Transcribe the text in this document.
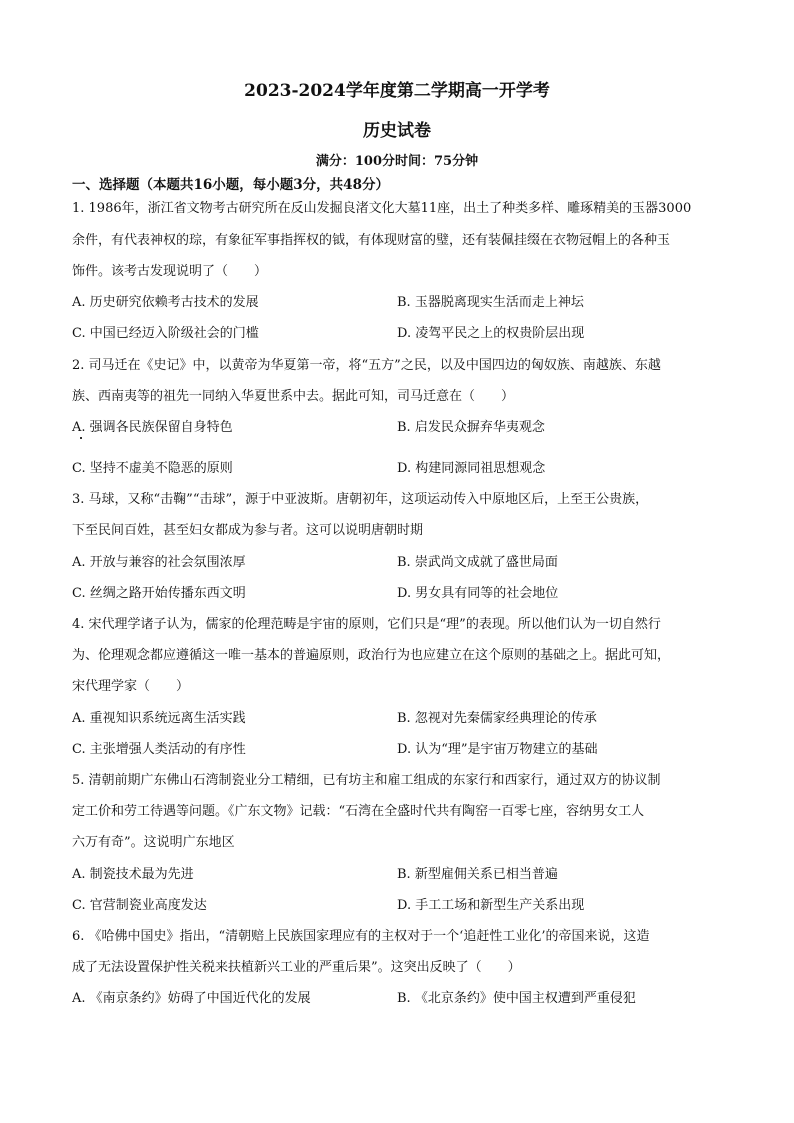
2023-2024学年度第二学期高一开学考
历史试卷
满分：100分时间：75分钟
一、选择题（本题共16小题，每小题3分，共48分）
1. 1986年，浙江省文物考古研究所在反山发掘良渚文化大墓11座，出土了种类多样、雕琢精美的玉器3000
余件，有代表神权的琮，有象征军事指挥权的钺，有体现财富的璧，还有装佩挂缀在衣物冠帽上的各种玉
饰件。该考古发现说明了（　　）
A. 历史研究依赖考古技术的发展	B. 玉器脱离现实生活而走上神坛
C. 中国已经迈入阶级社会的门槛	D. 凌驾平民之上的权贵阶层出现
2. 司马迁在《史记》中，以黄帝为华夏第一帝，将“五方”之民，以及中国四边的匈奴族、南越族、东越
族、西南夷等的祖先一同纳入华夏世系中去。据此可知，司马迁意在（　　）
A. 强调各民族保留自身特色	B. 启发民众摒弃华夷观念
C. 坚持不虚美不隐恶的原则	D. 构建同源同祖思想观念
3. 马球，又称“击鞠”“击球”，源于中亚波斯。唐朝初年，这项运动传入中原地区后，上至王公贵族，
下至民间百姓，甚至妇女都成为参与者。这可以说明唐朝时期
A. 开放与兼容的社会氛围浓厚	B. 崇武尚文成就了盛世局面
C. 丝绸之路开始传播东西文明	D. 男女具有同等的社会地位
4. 宋代理学诸子认为，儒家的伦理范畴是宇宙的原则，它们只是“理”的表现。所以他们认为一切自然行
为、伦理观念都应遵循这一唯一基本的普遍原则，政治行为也应建立在这个原则的基础之上。据此可知，
宋代理学家（　　）
A. 重视知识系统远离生活实践	B. 忽视对先秦儒家经典理论的传承
C. 主张增强人类活动的有序性	D. 认为“理”是宇宙万物建立的基础
5. 清朝前期广东佛山石湾制瓷业分工精细，已有坊主和雇工组成的东家行和西家行，通过双方的协议制
定工价和劳工待遇等问题。《广东文物》记载：“石湾在全盛时代共有陶窑一百零七座，容纳男女工人
六万有奇”。这说明广东地区
A. 制瓷技术最为先进	B. 新型雇佣关系已相当普遍
C. 官营制瓷业高度发达	D. 手工工场和新型生产关系出现
6. 《哈佛中国史》指出，“清朝赔上民族国家理应有的主权对于一个‘追赶性工业化’的帝国来说，这造
成了无法设置保护性关税来扶植新兴工业的严重后果”。这突出反映了（　　）
A. 《南京条约》妨碍了中国近代化的发展	B. 《北京条约》使中国主权遭到严重侵犯
